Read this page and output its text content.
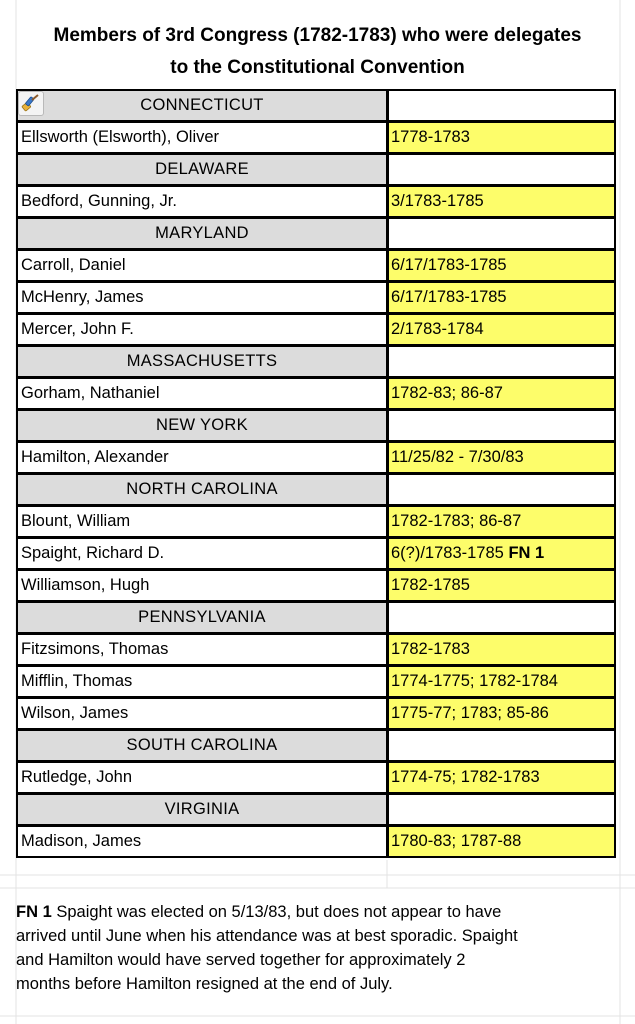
Members of 3rd Congress (1782-1783) who were delegates
to the Constitutional Convention
CONNECTICUT
Ellsworth (Elsworth), Oliver	1778-1783
DELAWARE
Bedford, Gunning, Jr.	3/1783-1785
MARYLAND
Carroll, Daniel	6/17/1783-1785
McHenry, James	6/17/1783-1785
Mercer, John F.	2/1783-1784
MASSACHUSETTS
Gorham, Nathaniel	1782-83; 86-87
NEW YORK
Hamilton, Alexander	11/25/82 - 7/30/83
NORTH CAROLINA
Blount, William	1782-1783; 86-87
Spaight, Richard D.	6(?)/1783-1785 FN 1
Williamson, Hugh	1782-1785
PENNSYLVANIA
Fitzsimons, Thomas	1782-1783
Mifflin, Thomas	1774-1775; 1782-1784
Wilson, James	1775-77; 1783; 85-86
SOUTH CAROLINA
Rutledge, John	1774-75; 1782-1783
VIRGINIA
Madison, James	1780-83; 1787-88
FN 1 Spaight was elected on 5/13/83, but does not appear to have
arrived until June when his attendance was at best sporadic. Spaight
and Hamilton would have served together for approximately 2
months before Hamilton resigned at the end of July.
